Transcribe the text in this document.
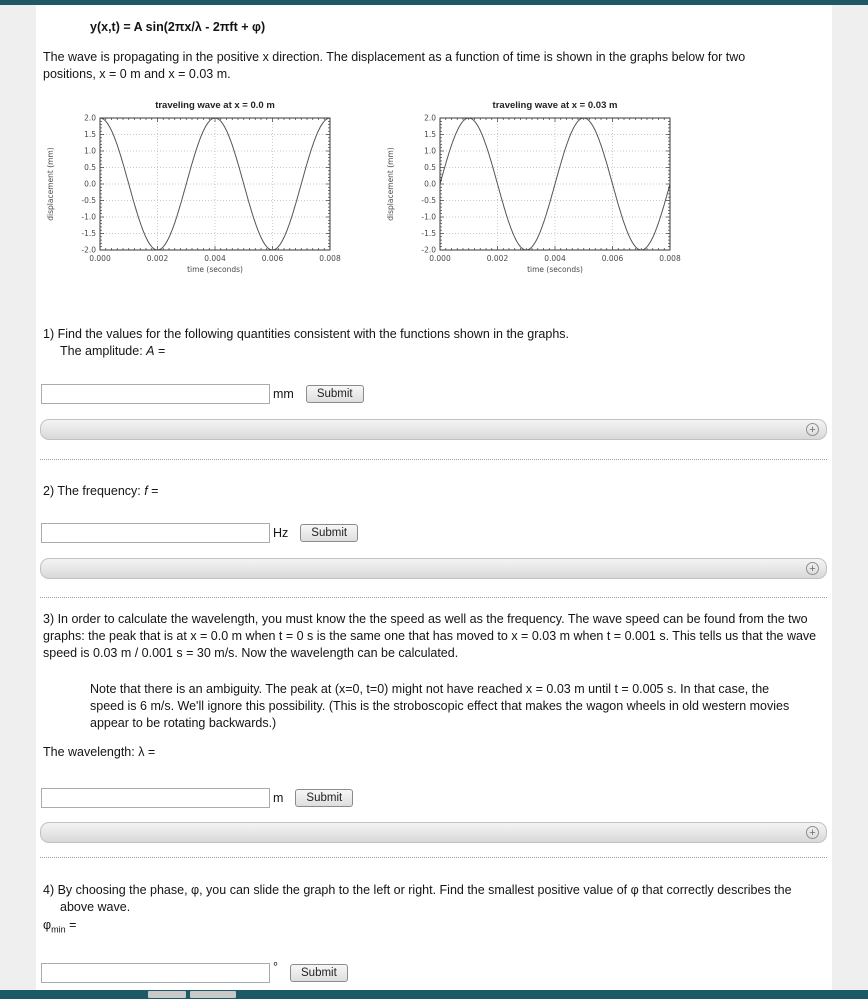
y(x,t) = A sin(2πx/λ - 2πft + φ)
The wave is propagating in the positive x direction. The displacement as a function of time is shown in the graphs below for two positions, x = 0 m and x = 0.03 m.
traveling wave at x = 0.0 m
2.0
1.5
1.0
0.5
0.0
-0.5
-1.0
-1.5
-2.0
0.000	0.002	0.004	0.006	0.008
time (seconds)
displacement (mm)
traveling wave at x = 0.03 m
2.0
1.5
1.0
0.5
0.0
-0.5
-1.0
-1.5
-2.0
0.000	0.002	0.004	0.006	0.008
time (seconds)
displacement (mm)
1) Find the values for the following quantities consistent with the functions shown in the graphs.
The amplitude: A =
mm	Submit
+
2) The frequency: f =
Hz	Submit
+
3) In order to calculate the wavelength, you must know the the speed as well as the frequency. The wave speed can be found from the two graphs: the peak that is at x = 0.0 m when t = 0 s is the same one that has moved to x = 0.03 m when t = 0.001 s. This tells us that the wave speed is 0.03 m / 0.001 s = 30 m/s. Now the wavelength can be calculated.
Note that there is an ambiguity. The peak at (x=0, t=0) might not have reached x = 0.03 m until t = 0.005 s. In that case, the speed is 6 m/s. We'll ignore this possibility. (This is the stroboscopic effect that makes the wagon wheels in old western movies appear to be rotating backwards.)
The wavelength: λ =
m	Submit
+
4) By choosing the phase, φ, you can slide the graph to the left or right. Find the smallest positive value of φ that correctly describes the above wave.
$\varphi_{min}$ =
°	Submit
